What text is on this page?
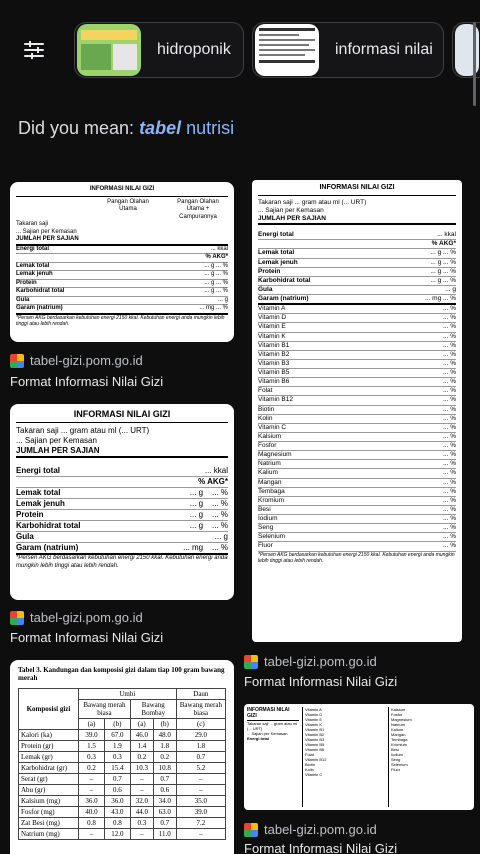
hidroponik	informasi nilai
Did you mean: tabel nutrisi
INFORMASI NILAI GIZI
Pangan Olahan Utama
Pangan Olahan Utama + Campurannya
Takaran saji
... Sajian per Kemasan
JUMLAH PER SAJIAN
Energi total	... kkal
% AKG*
Lemak total	... g ... %
Lemak jenuh	... g ... %
Protein	... g ... %
Karbohidrat total	... g ... %
Gula	... g
Garam (natrium)	... mg ... %
*Persen AKG berdasarkan kebutuhan energi 2150 kkal. Kebutuhan energi anda mungkin lebih tinggi atau lebih rendah.
tabel-gizi.pom.go.id
Format Informasi Nilai Gizi
INFORMASI NILAI GIZI
Takaran saji ... gram atau ml (... URT)
... Sajian per Kemasan
JUMLAH PER SAJIAN
Energi total	... kkal
% AKG*
Lemak total	... g    ... %
Lemak jenuh	... g    ... %
Protein	... g    ... %
Karbohidrat total	... g    ... %
Gula	... g
Garam (natrium)	... mg    ... %
*Persen AKG berdasarkan kebutuhan energi 2150 kkal. Kebutuhan energi anda mungkin lebih tinggi atau lebih rendah.
tabel-gizi.pom.go.id
Format Informasi Nilai Gizi
INFORMASI NILAI GIZI
Takaran saji ... gram atau ml (... URT)
... Sajian per Kemasan
JUMLAH PER SAJIAN
Energi total	... kkal
% AKG*
Lemak total	... g ... %
Lemak jenuh	... g ... %
Protein	... g ... %
Karbohidrat total	... g ... %
Gula	... g
Garam (natrium)	... mg ... %
Vitamin A	... %
Vitamin D	... %
Vitamin E	... %
Vitamin K	... %
Vitamin B1	... %
Vitamin B2	... %
Vitamin B3	... %
Vitamin B5	... %
Vitamin B6	... %
Folat	... %
Vitamin B12	... %
Biotin	... %
Kolin	... %
Vitamin C	... %
Kalsium	... %
Fosfor	... %
Magnesium	... %
Natrium	... %
Kalium	... %
Mangan	... %
Tembaga	... %
Kromium	... %
Besi	... %
Iodium	... %
Seng	... %
Selenium	... %
Fluor	... %
*Persen AKG berdasarkan kebutuhan energi 2150 kkal. Kebutuhan energi anda mungkin lebih tinggi atau lebih rendah.
tabel-gizi.pom.go.id
Format Informasi Nilai Gizi
Tabel 3. Kandungan dan komposisi gizi dalam tiap 100 gram bawang merah
Komposisi gizi	Umbi				Daun
	Bawang merah biasa		Bawang Bombay		Bawang merah biasa
	(a)	(b)	(a)	(b)	(c)
Kalori (ka)	39.0	67.0	46.0	48.0	29.0
Protein (gr)	1.5	1.9	1.4	1.8	1.8
Lemak (gr)	0.3	0.3	0.2	0.2	0.7
Karbohidrat (gr)	0.2	15.4	10.3	10.8	5.2
Serat (gr)	–	0.7	–	0.7	–
Abu (gr)	–	0.6	–	0.6	–
Kalsium (mg)	36.0	36.0	32.0	34.0	35.0
Fosfor (mg)	40.0	43.0	44.0	63.0	39.0
Zat Besi (mg)	0.8	0.8	0.3	0.7	7.2
Natrium (mg)	–	12.0	–	11.0	–
INFORMASI NILAI GIZI
Takaran saji ... gram atau ml (... URT)
... Sajian per Kemasan
Energi total
Vitamin A
Vitamin D
Vitamin E
Vitamin K
Vitamin B1
Vitamin B2
Vitamin B3
Vitamin B5
Vitamin B6
Folat
Vitamin B12
Biotin
Kolin
Vitamin C
Kalsium
Fosfor
Magnesium
Natrium
Kalium
Mangan
Tembaga
Kromium
Besi
Iodium
Seng
Selenium
Fluor
tabel-gizi.pom.go.id
Format Informasi Nilai Gizi
